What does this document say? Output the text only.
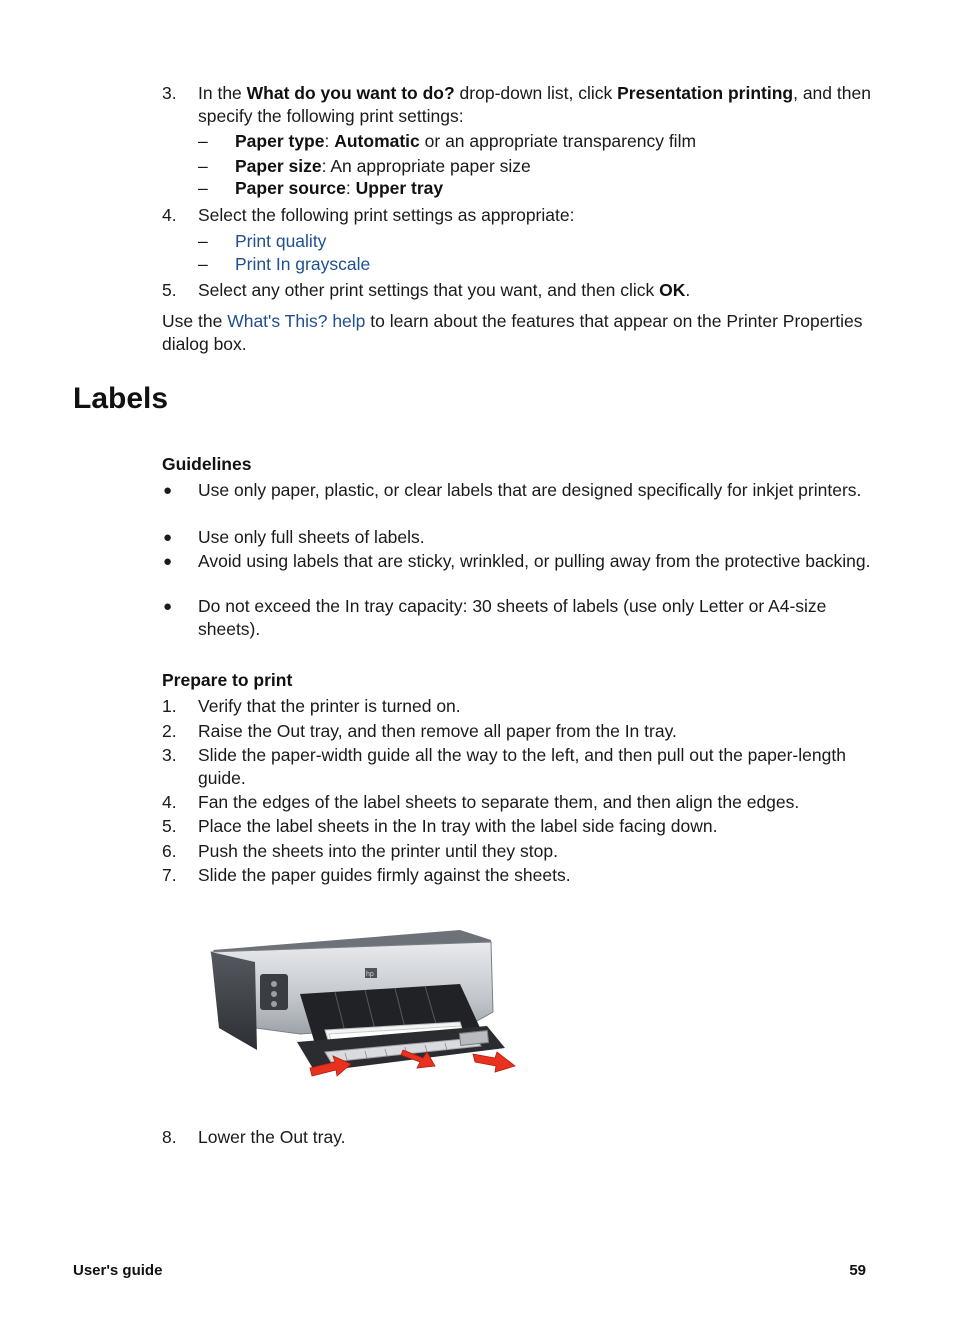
3. In the What do you want to do? drop-down list, click Presentation printing, and then specify the following print settings:
– Paper type: Automatic or an appropriate transparency film
– Paper size: An appropriate paper size
– Paper source: Upper tray
4. Select the following print settings as appropriate:
– Print quality
– Print In grayscale
5. Select any other print settings that you want, and then click OK.
Use the What's This? help to learn about the features that appear on the Printer Properties dialog box.
Labels
Guidelines
● Use only paper, plastic, or clear labels that are designed specifically for inkjet printers.
● Use only full sheets of labels.
● Avoid using labels that are sticky, wrinkled, or pulling away from the protective backing.
● Do not exceed the In tray capacity: 30 sheets of labels (use only Letter or A4-size sheets).
Prepare to print
1. Verify that the printer is turned on.
2. Raise the Out tray, and then remove all paper from the In tray.
3. Slide the paper-width guide all the way to the left, and then pull out the paper-length guide.
4. Fan the edges of the label sheets to separate them, and then align the edges.
5. Place the label sheets in the In tray with the label side facing down.
6. Push the sheets into the printer until they stop.
7. Slide the paper guides firmly against the sheets.
hp
8. Lower the Out tray.
User's guide	59
